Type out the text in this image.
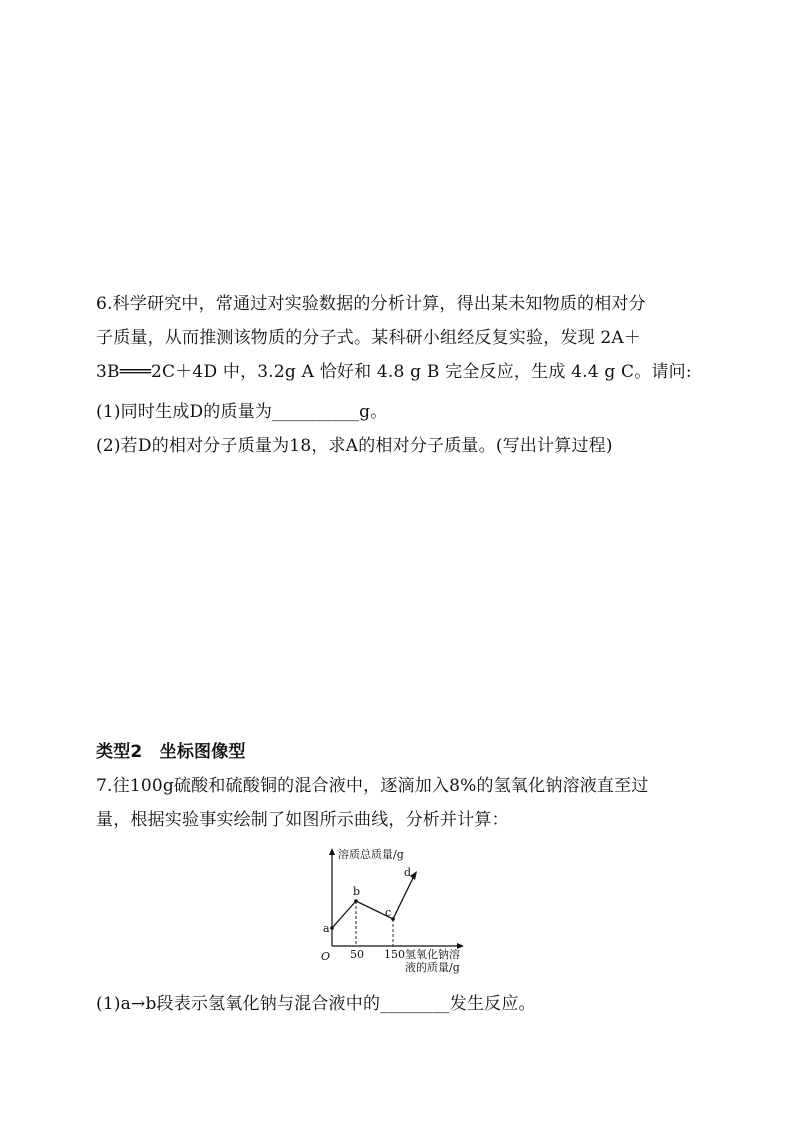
6.科学研究中，常通过对实验数据的分析计算，得出某未知物质的相对分
子质量，从而推测该物质的分子式。某科研小组经反复实验，发现 2A＋
3B═══2C＋4D 中，3.2g A 恰好和 4.8 g B 完全反应，生成 4.4 g C。请问:
(1)同时生成D的质量为__________g。
(2)若D的相对分子质量为18，求A的相对分子质量。(写出计算过程)
类型2　坐标图像型
7.往100g硫酸和硫酸铜的混合液中，逐滴加入8%的氢氧化钠溶液直至过
量，根据实验事实绘制了如图所示曲线，分析并计算：
溶质总质量/g
O 50 150 氢氧化钠溶
液的质量/g
a
b
c
d
(1)a→b段表示氢氧化钠与混合液中的________发生反应。
